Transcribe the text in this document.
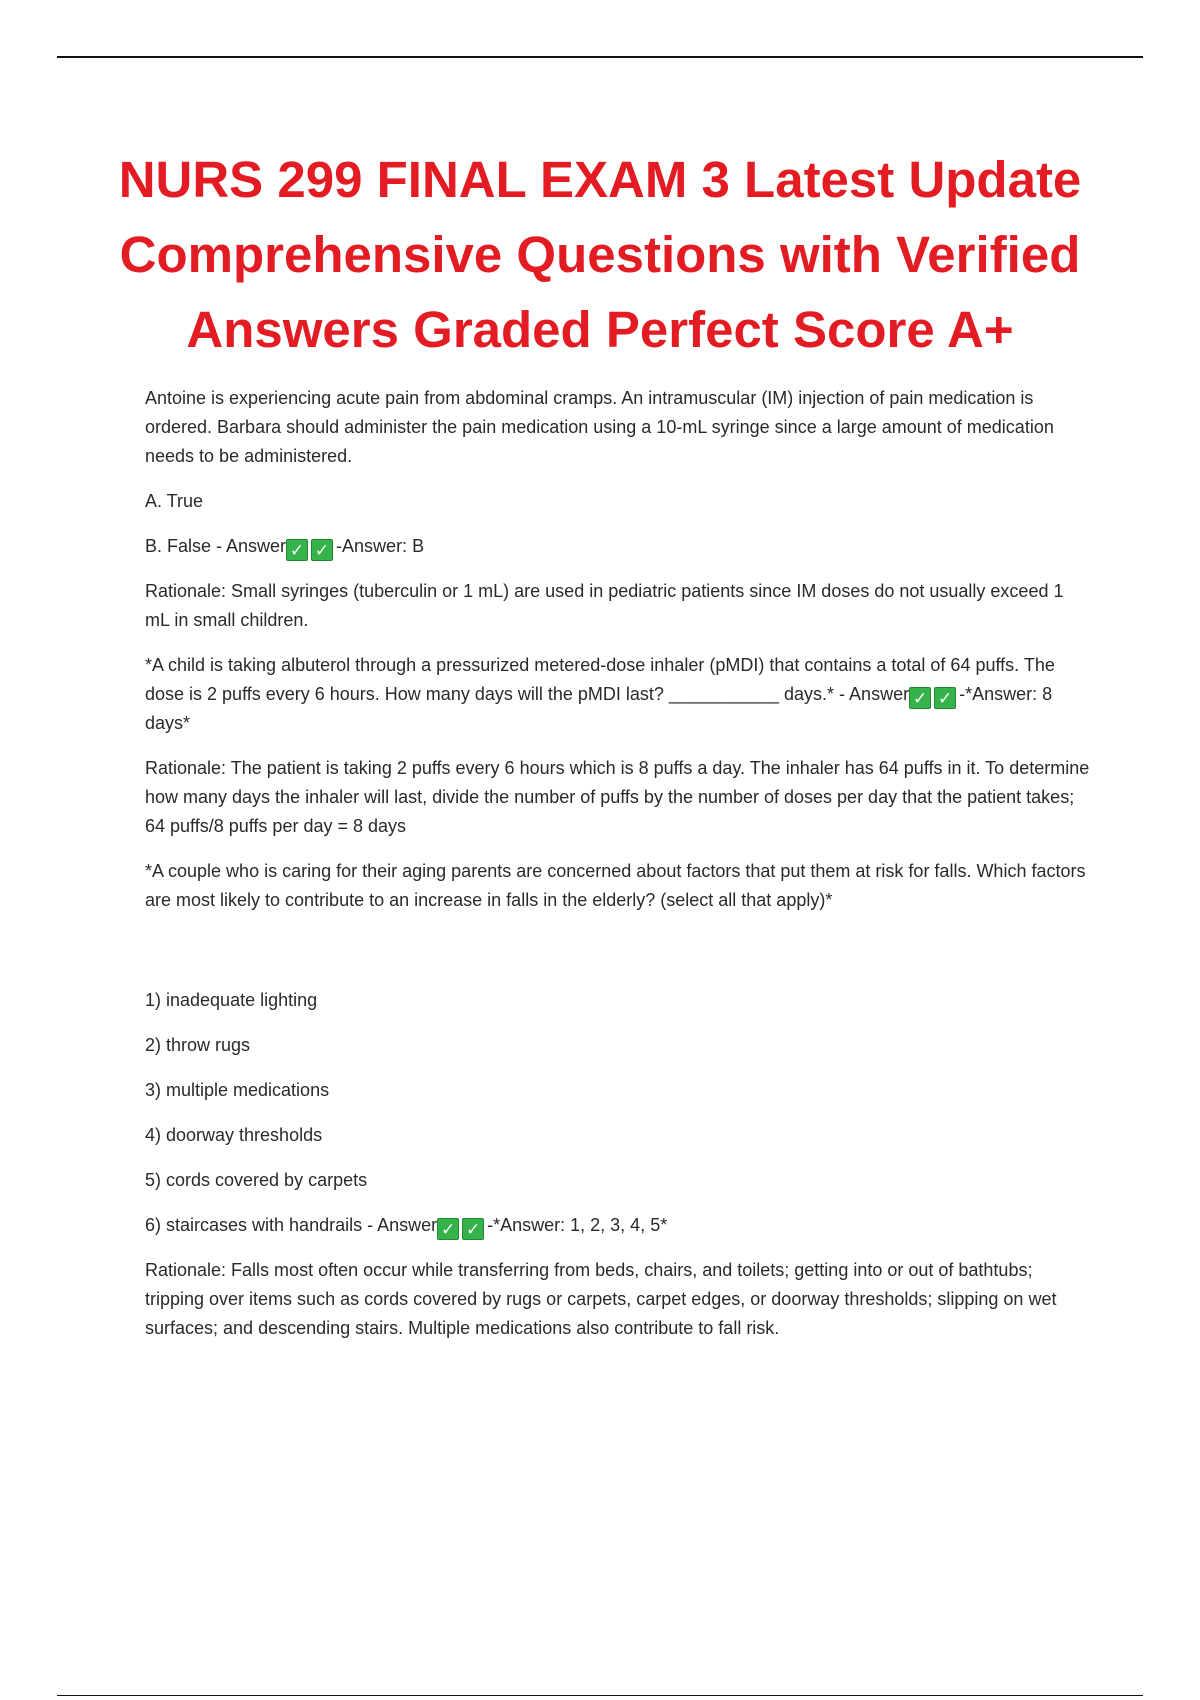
NURS 299 FINAL EXAM 3 Latest Update
Comprehensive Questions with Verified
Answers Graded Perfect Score A+

Antoine is experiencing acute pain from abdominal cramps. An intramuscular (IM) injection of pain medication is ordered. Barbara should administer the pain medication using a 10-mL syringe since a large amount of medication needs to be administered.

A. True

B. False - Answer ✓ ✓ -Answer: B

Rationale: Small syringes (tuberculin or 1 mL) are used in pediatric patients since IM doses do not usually exceed 1 mL in small children.

*A child is taking albuterol through a pressurized metered-dose inhaler (pMDI) that contains a total of 64 puffs. The dose is 2 puffs every 6 hours. How many days will the pMDI last? ___________ days.* - Answer ✓ ✓ -*Answer: 8 days*

Rationale: The patient is taking 2 puffs every 6 hours which is 8 puffs a day. The inhaler has 64 puffs in it. To determine how many days the inhaler will last, divide the number of puffs by the number of doses per day that the patient takes; 64 puffs/8 puffs per day = 8 days

*A couple who is caring for their aging parents are concerned about factors that put them at risk for falls. Which factors are most likely to contribute to an increase in falls in the elderly? (select all that apply)*

1) inadequate lighting

2) throw rugs

3) multiple medications

4) doorway thresholds

5) cords covered by carpets

6) staircases with handrails - Answer ✓ ✓ -*Answer: 1, 2, 3, 4, 5*

Rationale: Falls most often occur while transferring from beds, chairs, and toilets; getting into or out of bathtubs; tripping over items such as cords covered by rugs or carpets, carpet edges, or doorway thresholds; slipping on wet surfaces; and descending stairs. Multiple medications also contribute to fall risk.
